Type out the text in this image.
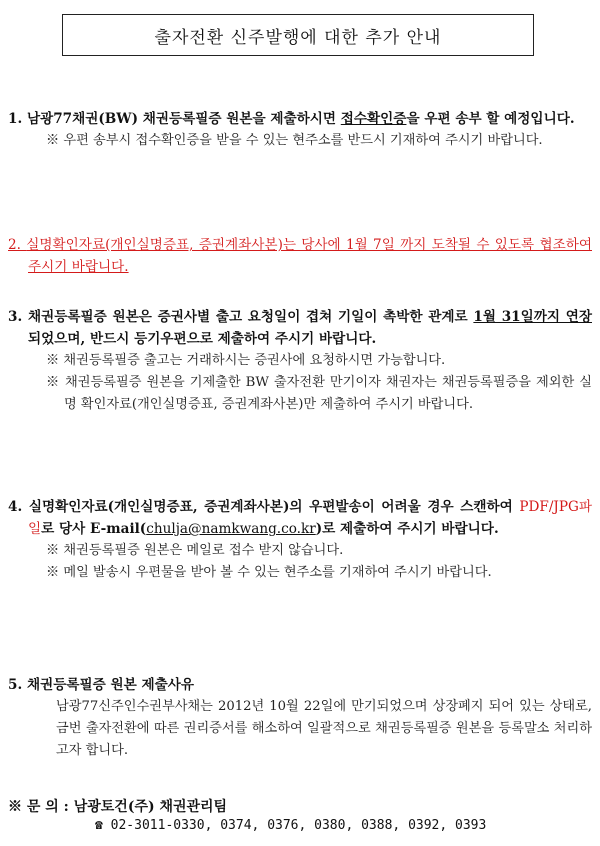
출자전환 신주발행에 대한 추가 안내
1. 남광77채권(BW) 채권등록필증 원본을 제출하시면 접수확인증을 우편 송부 할 예정입니다.
※ 우편 송부시 접수확인증을 받을 수 있는 현주소를 반드시 기재하여 주시기 바랍니다.
2. 실명확인자료(개인실명증표, 증권계좌사본)는 당사에 1월 7일 까지 도착될 수 있도록 협조하여 주시기 바랍니다.
3. 채권등록필증 원본은 증권사별 출고 요청일이 겹쳐 기일이 촉박한 관계로 1월 31일까지 연장되었으며, 반드시 등기우편으로 제출하여 주시기 바랍니다.
※ 채권등록필증 출고는 거래하시는 증권사에 요청하시면 가능합니다.
※ 채권등록필증 원본을 기제출한 BW 출자전환 만기이자 채권자는 채권등록필증을 제외한 실명 확인자료(개인실명증표, 증권계좌사본)만 제출하여 주시기 바랍니다.
4. 실명확인자료(개인실명증표, 증권계좌사본)의 우편발송이 어려울 경우 스캔하여 PDF/JPG파일로 당사 E-mail(chulja@namkwang.co.kr)로 제출하여 주시기 바랍니다.
※ 채권등록필증 원본은 메일로 접수 받지 않습니다.
※ 메일 발송시 우편물을 받아 볼 수 있는 현주소를 기재하여 주시기 바랍니다.
5. 채권등록필증 원본 제출사유
남광77신주인수권부사채는 2012년 10월 22일에 만기되었으며 상장폐지 되어 있는 상태로, 금번 출자전환에 따른 권리증서를 해소하여 일괄적으로 채권등록필증 원본을 등록말소 처리하고자 합니다.
※ 문 의 : 남광토건(주) 채권관리팀
☎ 02-3011-0330, 0374, 0376, 0380, 0388, 0392, 0393
